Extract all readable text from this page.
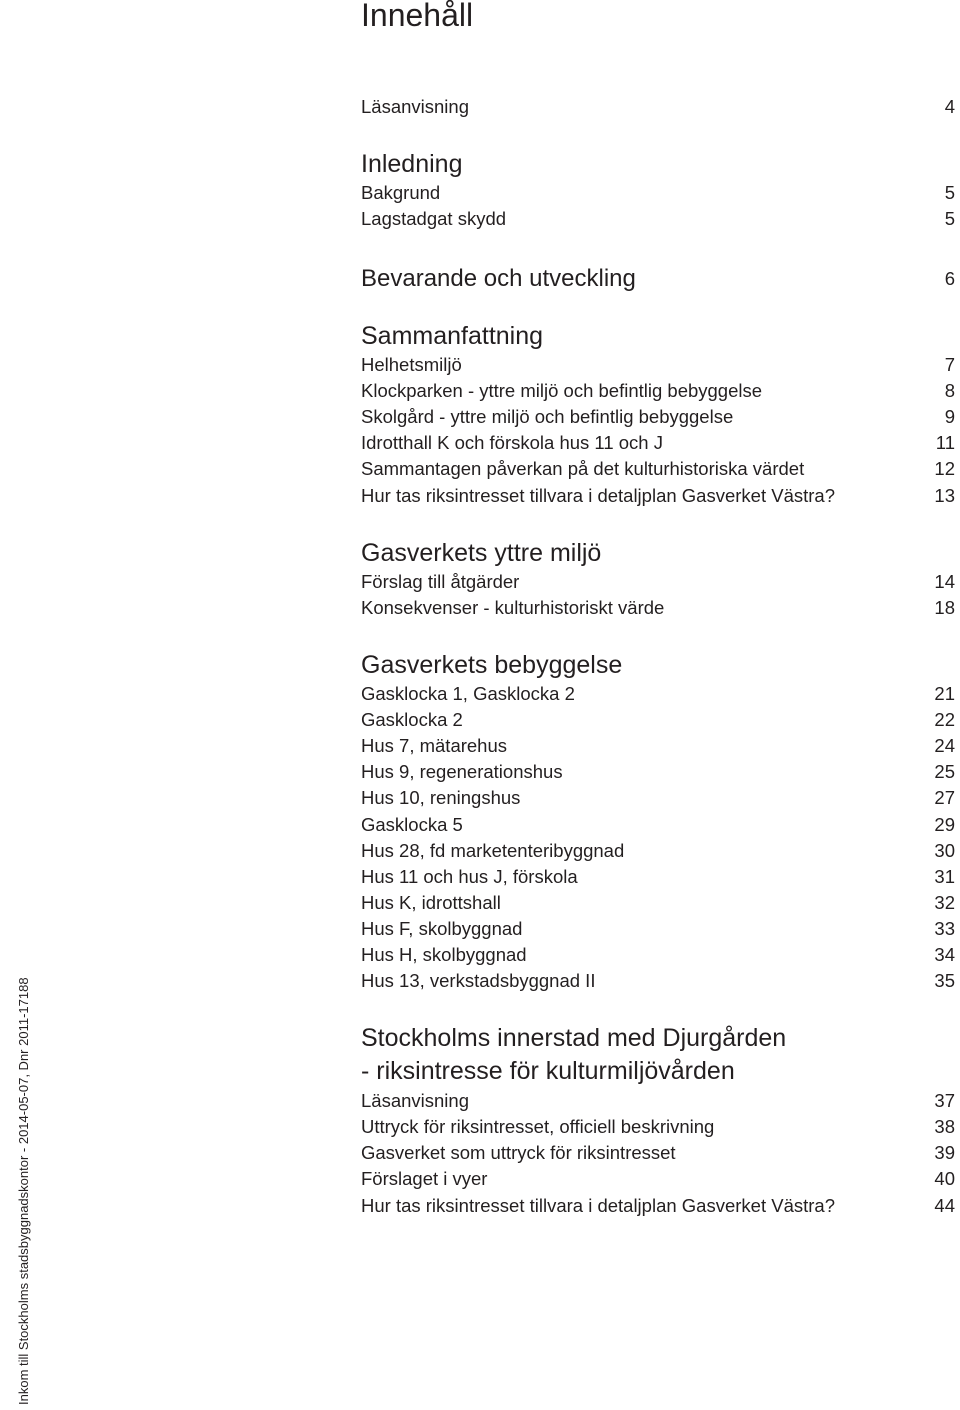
Inkom till Stockholms stadsbyggnadskontor - 2014-05-07, Dnr 2011-17188
Innehåll
Läsanvisning	4
Inledning
Bakgrund	5
Lagstadgat skydd	5
Bevarande och utveckling	6
Sammanfattning
Helhetsmiljö	7
Klockparken - yttre miljö och befintlig bebyggelse	8
Skolgård - yttre miljö och befintlig bebyggelse	9
Idrotthall K och förskola hus 11 och J	11
Sammantagen påverkan på det kulturhistoriska värdet	12
Hur tas riksintresset tillvara i detaljplan Gasverket Västra?	13
Gasverkets yttre miljö
Förslag till åtgärder	14
Konsekvenser - kulturhistoriskt värde	18
Gasverkets bebyggelse
Gasklocka 1, Gasklocka 2	21
Gasklocka 2	22
Hus 7, mätarehus	24
Hus 9, regenerationshus	25
Hus 10, reningshus	27
Gasklocka 5	29
Hus 28, fd marketenteribyggnad	30
Hus 11 och hus J, förskola	31
Hus K, idrottshall	32
Hus F, skolbyggnad	33
Hus H, skolbyggnad	34
Hus 13, verkstadsbyggnad II	35
Stockholms innerstad med Djurgården
- riksintresse för kulturmiljövården
Läsanvisning	37
Uttryck för riksintresset, officiell beskrivning	38
Gasverket som uttryck för riksintresset	39
Förslaget i vyer	40
Hur tas riksintresset tillvara i detaljplan Gasverket Västra?	44
